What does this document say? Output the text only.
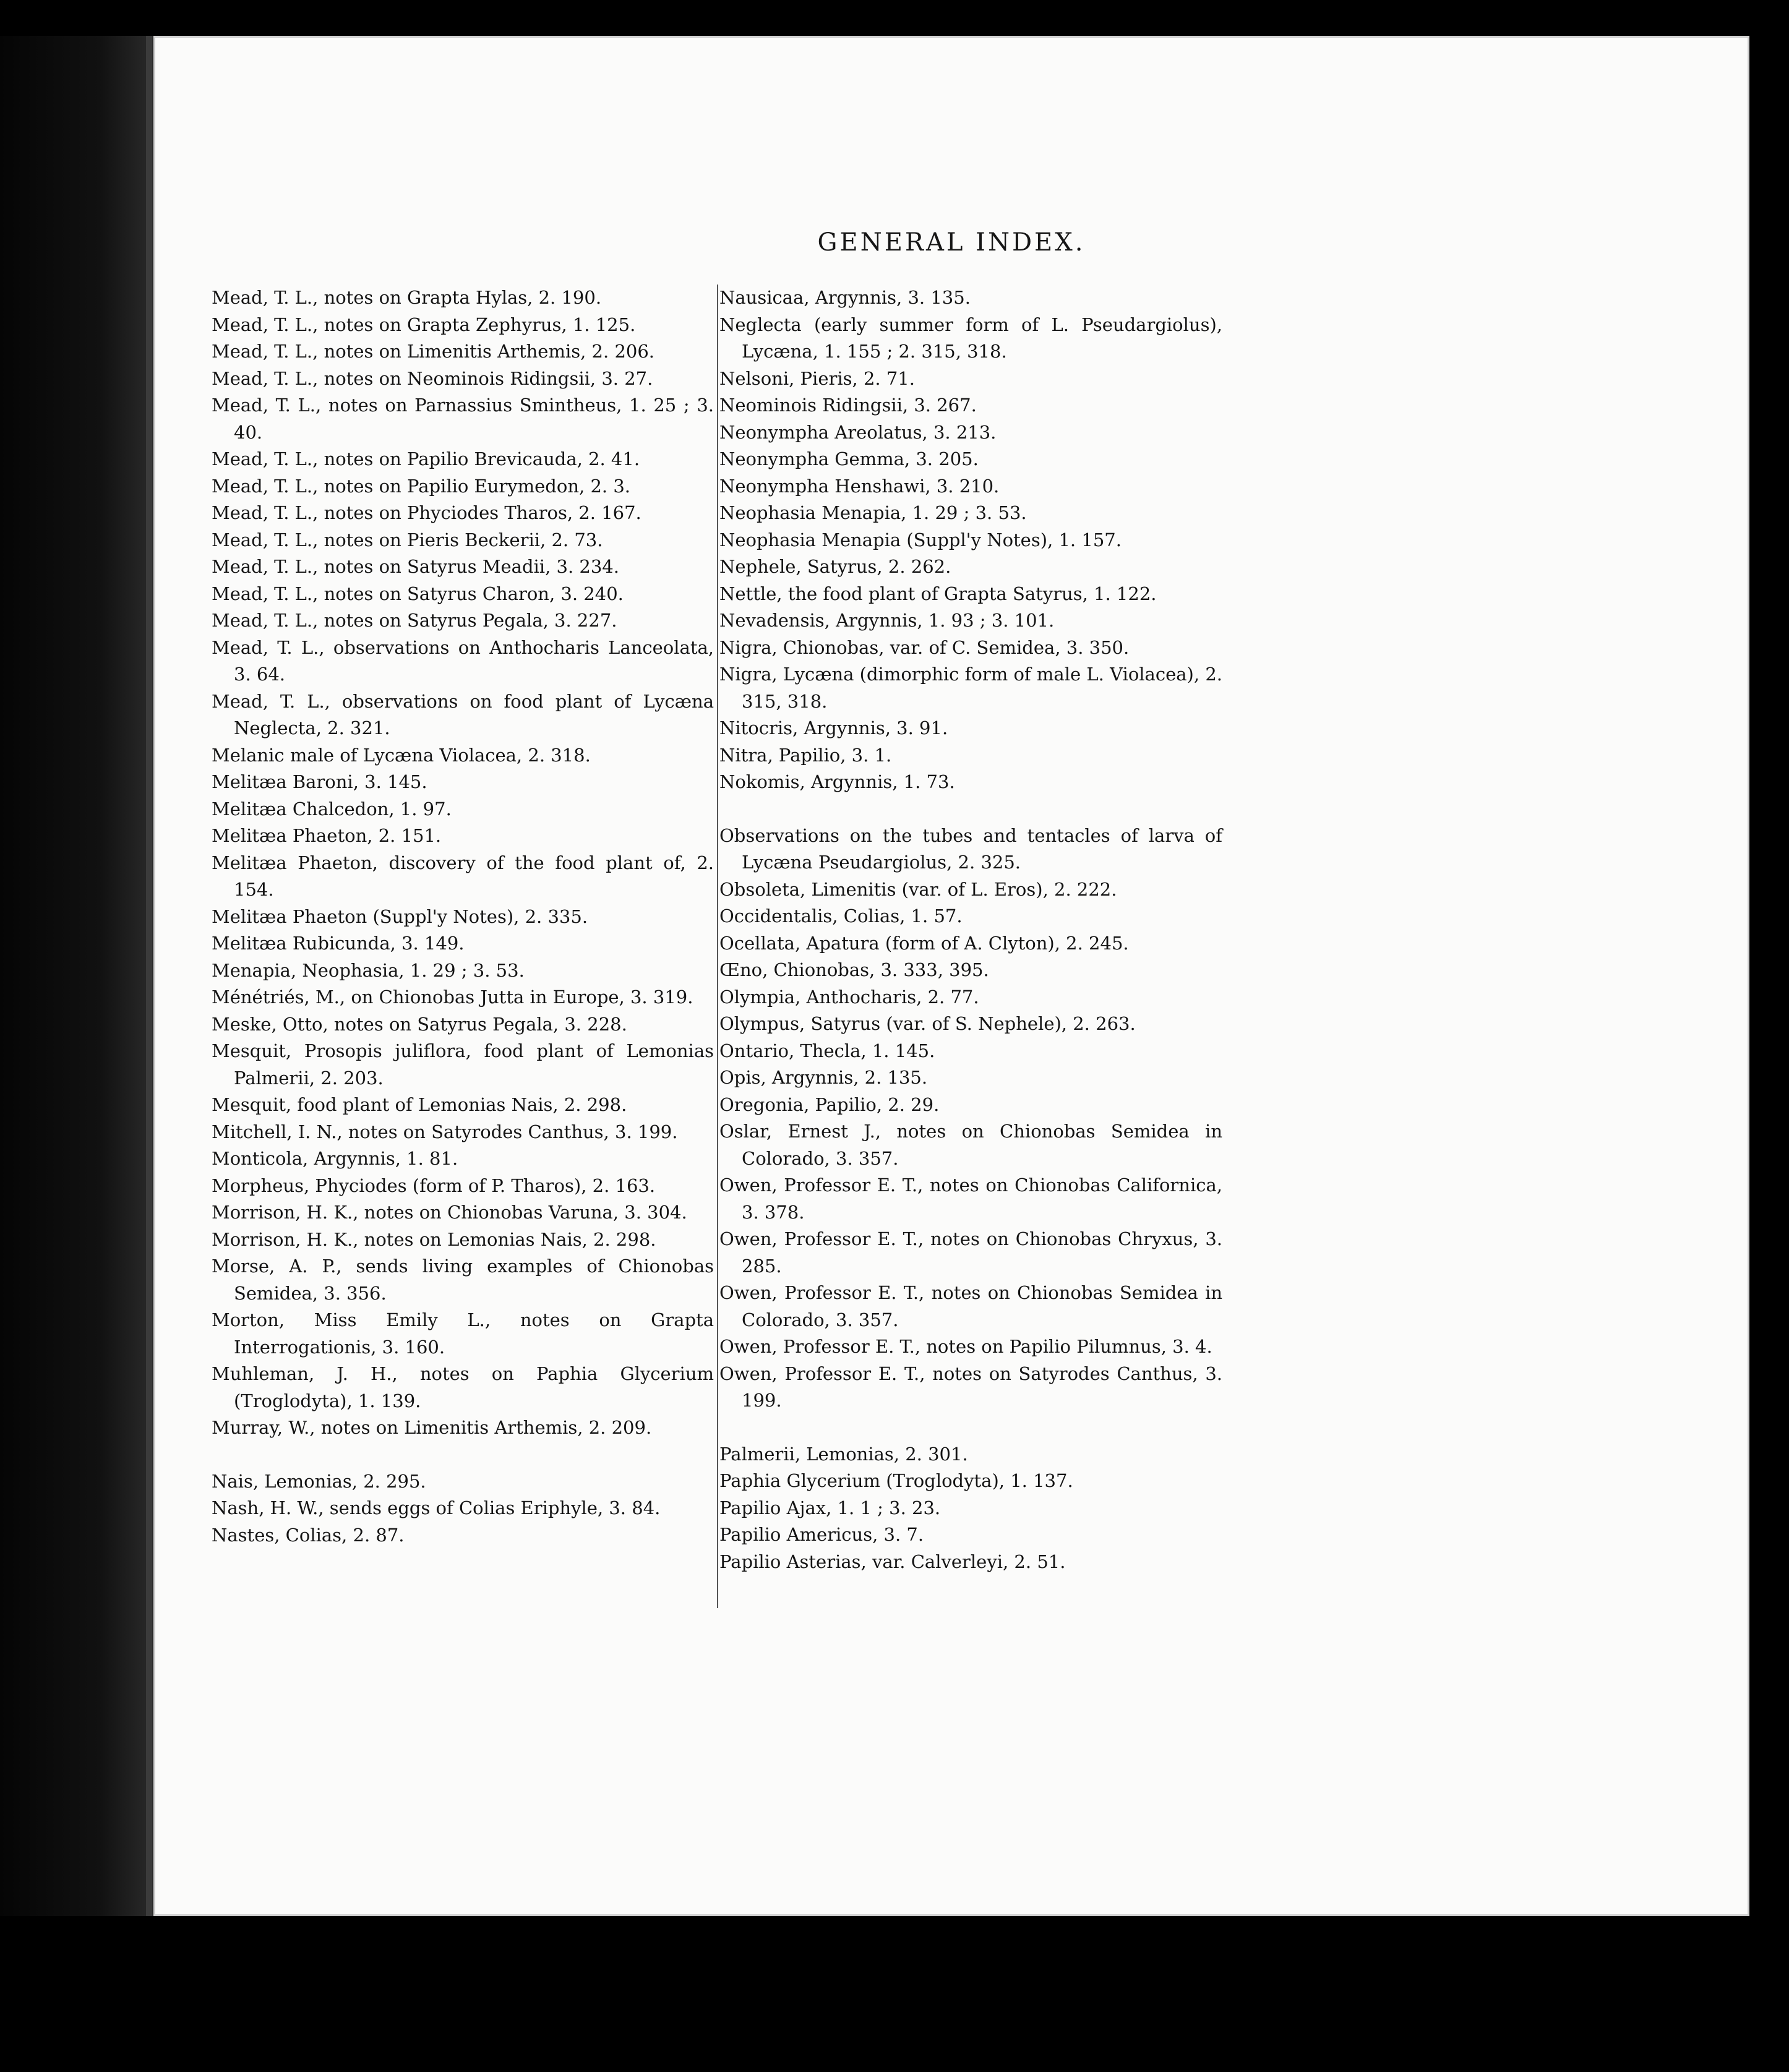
GENERAL INDEX.
Mead, T. L., notes on Grapta Hylas, 2. 190.
Mead, T. L., notes on Grapta Zephyrus, 1. 125.
Mead, T. L., notes on Limenitis Arthemis, 2. 206.
Mead, T. L., notes on Neominois Ridingsii, 3. 27.
Mead, T. L., notes on Parnassius Smintheus, 1. 25 ; 3. 40.
Mead, T. L., notes on Papilio Brevicauda, 2. 41.
Mead, T. L., notes on Papilio Eurymedon, 2. 3.
Mead, T. L., notes on Phyciodes Tharos, 2. 167.
Mead, T. L., notes on Pieris Beckerii, 2. 73.
Mead, T. L., notes on Satyrus Meadii, 3. 234.
Mead, T. L., notes on Satyrus Charon, 3. 240.
Mead, T. L., notes on Satyrus Pegala, 3. 227.
Mead, T. L., observations on Anthocharis Lanceolata, 3. 64.
Mead, T. L., observations on food plant of Lycæna Neglecta, 2. 321.
Melanic male of Lycæna Violacea, 2. 318.
Melitæa Baroni, 3. 145.
Melitæa Chalcedon, 1. 97.
Melitæa Phaeton, 2. 151.
Melitæa Phaeton, discovery of the food plant of, 2. 154.
Melitæa Phaeton (Suppl'y Notes), 2. 335.
Melitæa Rubicunda, 3. 149.
Menapia, Neophasia, 1. 29 ; 3. 53.
Ménétriés, M., on Chionobas Jutta in Europe, 3. 319.
Meske, Otto, notes on Satyrus Pegala, 3. 228.
Mesquit, Prosopis juliflora, food plant of Lemonias Palmerii, 2. 203.
Mesquit, food plant of Lemonias Nais, 2. 298.
Mitchell, I. N., notes on Satyrodes Canthus, 3. 199.
Monticola, Argynnis, 1. 81.
Morpheus, Phyciodes (form of P. Tharos), 2. 163.
Morrison, H. K., notes on Chionobas Varuna, 3. 304.
Morrison, H. K., notes on Lemonias Nais, 2. 298.
Morse, A. P., sends living examples of Chionobas Semidea, 3. 356.
Morton, Miss Emily L., notes on Grapta Interrogationis, 3. 160.
Muhleman, J. H., notes on Paphia Glycerium (Troglodyta), 1. 139.
Murray, W., notes on Limenitis Arthemis, 2. 209.
Nais, Lemonias, 2. 295.
Nash, H. W., sends eggs of Colias Eriphyle, 3. 84.
Nastes, Colias, 2. 87.
Nausicaa, Argynnis, 3. 135.
Neglecta (early summer form of L. Pseudargiolus), Lycæna, 1. 155 ; 2. 315, 318.
Nelsoni, Pieris, 2. 71.
Neominois Ridingsii, 3. 267.
Neonympha Areolatus, 3. 213.
Neonympha Gemma, 3. 205.
Neonympha Henshawi, 3. 210.
Neophasia Menapia, 1. 29 ; 3. 53.
Neophasia Menapia (Suppl'y Notes), 1. 157.
Nephele, Satyrus, 2. 262.
Nettle, the food plant of Grapta Satyrus, 1. 122.
Nevadensis, Argynnis, 1. 93 ; 3. 101.
Nigra, Chionobas, var. of C. Semidea, 3. 350.
Nigra, Lycæna (dimorphic form of male L. Violacea), 2. 315, 318.
Nitocris, Argynnis, 3. 91.
Nitra, Papilio, 3. 1.
Nokomis, Argynnis, 1. 73.
Observations on the tubes and tentacles of larva of Lycæna Pseudargiolus, 2. 325.
Obsoleta, Limenitis (var. of L. Eros), 2. 222.
Occidentalis, Colias, 1. 57.
Ocellata, Apatura (form of A. Clyton), 2. 245.
Œno, Chionobas, 3. 333, 395.
Olympia, Anthocharis, 2. 77.
Olympus, Satyrus (var. of S. Nephele), 2. 263.
Ontario, Thecla, 1. 145.
Opis, Argynnis, 2. 135.
Oregonia, Papilio, 2. 29.
Oslar, Ernest J., notes on Chionobas Semidea in Colorado, 3. 357.
Owen, Professor E. T., notes on Chionobas Californica, 3. 378.
Owen, Professor E. T., notes on Chionobas Chryxus, 3. 285.
Owen, Professor E. T., notes on Chionobas Semidea in Colorado, 3. 357.
Owen, Professor E. T., notes on Papilio Pilumnus, 3. 4.
Owen, Professor E. T., notes on Satyrodes Canthus, 3. 199.
Palmerii, Lemonias, 2. 301.
Paphia Glycerium (Troglodyta), 1. 137.
Papilio Ajax, 1. 1 ; 3. 23.
Papilio Americus, 3. 7.
Papilio Asterias, var. Calverleyi, 2. 51.
